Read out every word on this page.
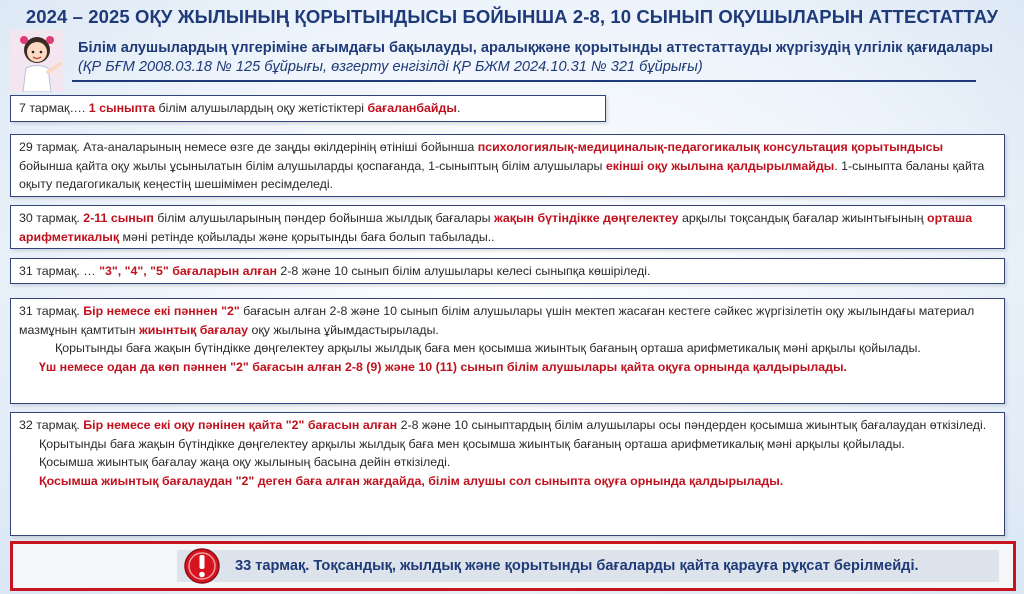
2024 – 2025 ОҚУ ЖЫЛЫНЫҢ ҚОРЫТЫНДЫСЫ БОЙЫНША 2-8, 10 СЫНЫП ОҚУШЫЛАРЫН АТТЕСТАТТАУ
Білім алушылардың үлгеріміне ағымдағы бақылауды, аралықжәне қорытынды аттестаттауды жүргізудің үлгілік қағидалары (ҚР БҒМ 2008.03.18 № 125 бұйрығы, өзгерту енгізілді ҚР БЖМ 2024.10.31 № 321 бұйрығы)
7 тармақ…. 1 сыныпта білім алушылардың оқу жетістіктері бағаланбайды.
29 тармақ. Ата-аналарының немесе өзге де заңды өкілдерінің өтініші бойынша психологиялық-медициналық-педагогикалық консультация қорытындысы бойынша қайта оқу жылы ұсынылатын білім алушыларды қоспағанда, 1-сыныптың білім алушылары екінші оқу жылына қалдырылмайды. 1-сыныпта баланы қайта оқыту педагогикалық кеңестің шешімімен ресімделеді.
30 тармақ. 2-11 сынып білім алушыларының пәндер бойынша жылдық бағалары жақын бүтіндікке дөңгелектеу арқылы тоқсандық бағалар жиынтығының орташа арифметикалық мәні ретінде қойылады және қорытынды баға болып табылады..
31 тармақ. … "3", "4", "5" бағаларын алған 2-8 және 10 сынып білім алушылары келесі сыныпқа көшіріледі.
31 тармақ. Бір немесе екі пәннен "2" бағасын алған 2-8 және 10 сынып білім алушылары үшін мектеп жасаған кестеге сәйкес жүргізілетін оқу жылындағы материал мазмұнын қамтитын жиынтық бағалау оқу жылына ұйымдастырылады.
Қорытынды баға жақын бүтіндікке дөңгелектеу арқылы жылдық баға мен қосымша жиынтық бағаның орташа арифметикалық мәні арқылы қойылады.
Үш немесе одан да көп пәннен "2" бағасын алған 2-8 (9) және 10 (11) сынып білім алушылары қайта оқуға орнында қалдырылады.
32 тармақ. Бір немесе екі оқу пәнінен қайта "2" бағасын алған 2-8 және 10 сыныптардың білім алушылары осы пәндерден қосымша жиынтық бағалаудан өткізіледі.
Қорытынды баға жақын бүтіндікке дөңгелектеу арқылы жылдық баға мен қосымша жиынтық бағаның орташа арифметикалық мәні арқылы қойылады.
Қосымша жиынтық бағалау жаңа оқу жылының басына дейін өткізіледі.
Қосымша жиынтық бағалаудан "2" деген баға алған жағдайда, білім алушы сол сыныпта оқуға орнында қалдырылады.
33 тармақ. Тоқсандық, жылдық және қорытынды бағаларды қайта қарауға рұқсат берілмейді.
